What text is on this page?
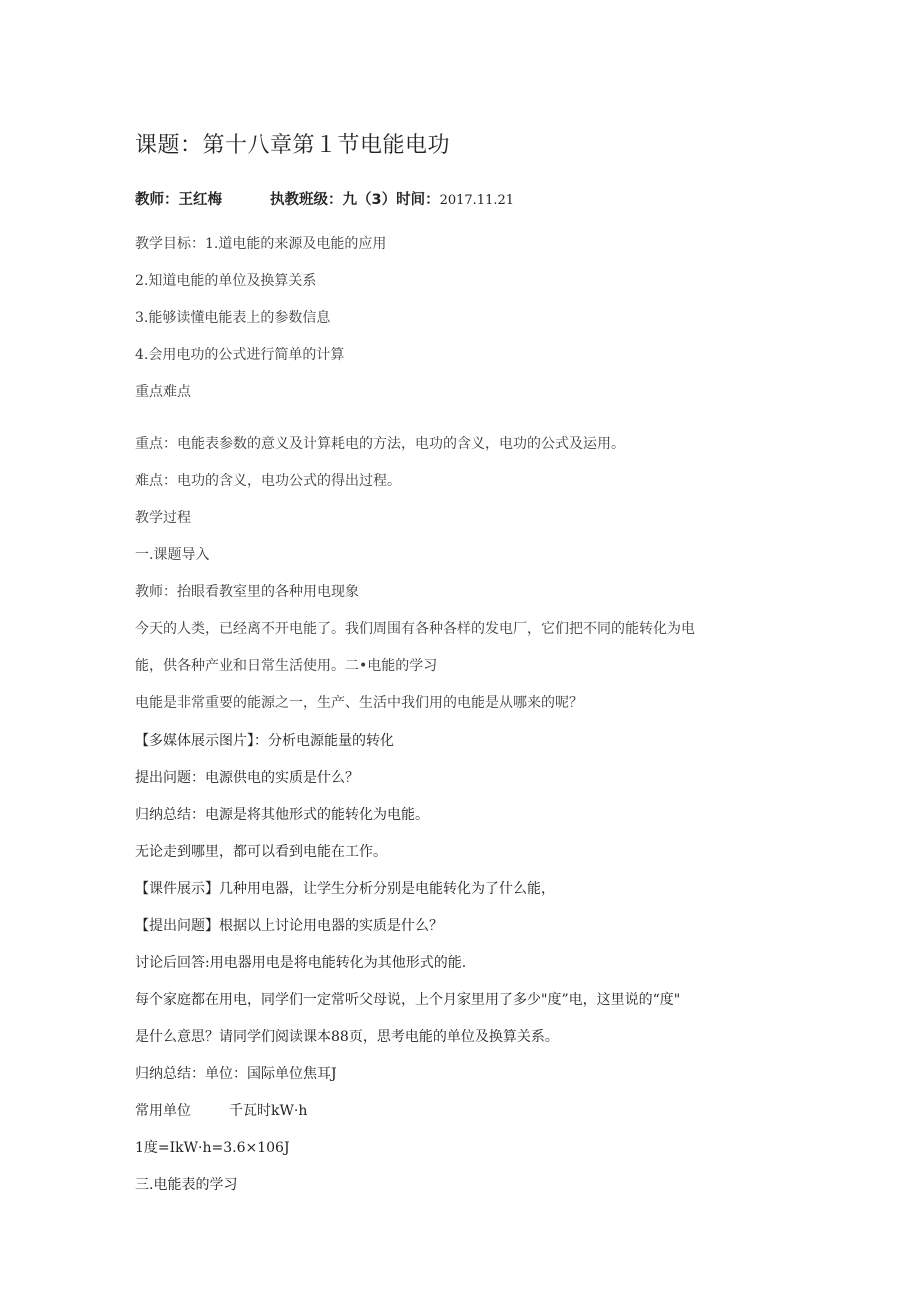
课题：第十八章第１节电能电功
教师：王红梅	执教班级：九（3）时间： 2017.11.21

教学目标：1.道电能的来源及电能的应用

2.知道电能的单位及换算关系

3.能够读懂电能表上的参数信息

4.会用电功的公式进行简单的计算

重点难点

重点：电能表参数的意义及计算耗电的方法，电功的含义，电功的公式及运用。

难点：电功的含义，电功公式的得出过程。

教学过程

一.课题导入

教师：抬眼看教室里的各种用电现象

今天的人类，已经离不开电能了。我们周围有各种各样的发电厂，它们把不同的能转化为电

能，供各种产业和日常生活使用。二•电能的学习

电能是非常重要的能源之一，生产、生活中我们用的电能是从哪来的呢？

【多媒体展示图片】：分析电源能量的转化

提出问题：电源供电的实质是什么？

归纳总结：电源是将其他形式的能转化为电能。

无论走到哪里，都可以看到电能在工作。

【课件展示】几种用电器，让学生分析分别是电能转化为了什么能，

【提出问题】根据以上讨论用电器的实质是什么？

讨论后回答:用电器用电是将电能转化为其他形式的能.

每个家庭都在用电，同学们一定常听父母说，上个月家里用了多少"度”电，这里说的“度"

是什么意思？请同学们阅读课本88页，思考电能的单位及换算关系。

归纳总结：单位：国际单位焦耳J

常用单位	千瓦时kW·h

1度=IkW·h=3.6×106J

三.电能表的学习
